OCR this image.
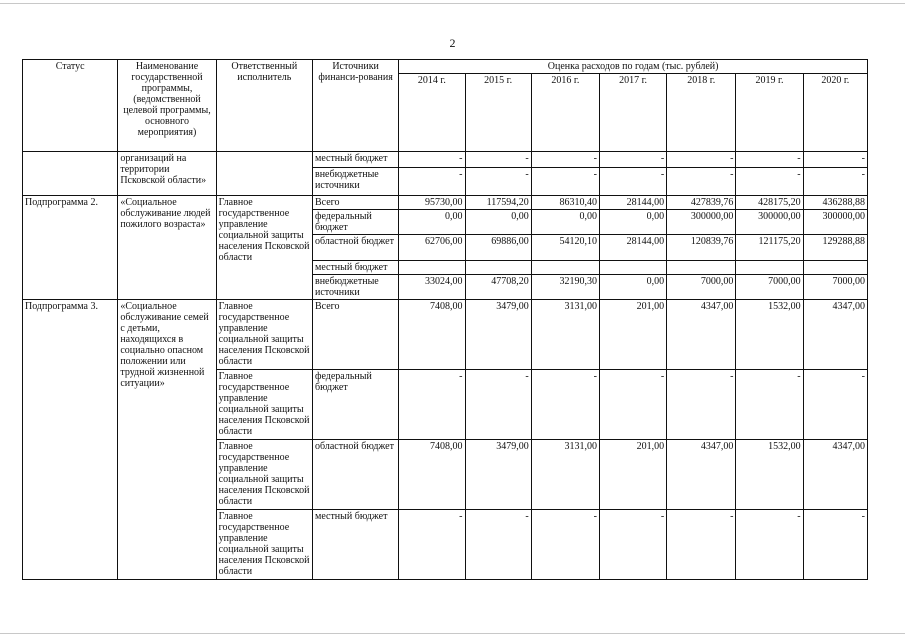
2
Статус	Наименование государственной программы, (ведомственной целевой программы, основного мероприятия)	Ответственный исполнитель	Источники финанси-рования	Оценка расходов по годам (тыс. рублей)						
				2014 г.	2015 г.	2016 г.	2017 г.	2018 г.	2019 г.	2020 г.
	организаций на территории Псковской области»		местный бюджет	-	-	-	-	-	-	-
			внебюджетные источники	-	-	-	-	-	-	-
Подпрограмма 2.	«Социальное обслуживание людей пожилого возраста»	Главное государственное управление социальной защиты населения Псковской области	Всего	95730,00	117594,20	86310,40	28144,00	427839,76	428175,20	436288,88
			федеральный бюджет	0,00	0,00	0,00	0,00	300000,00	300000,00	300000,00
			областной бюджет	62706,00	69886,00	54120,10	28144,00	120839,76	121175,20	129288,88
			местный бюджет							
			внебюджетные источники	33024,00	47708,20	32190,30	0,00	7000,00	7000,00	7000,00
Подпрограмма 3.	«Социальное обслуживание семей с детьми, находящихся в социально опасном положении или трудной жизненной ситуации»	Главное государственное управление социальной защиты населения Псковской области	Всего	7408,00	3479,00	3131,00	201,00	4347,00	1532,00	4347,00
		Главное государственное управление социальной защиты населения Псковской области	федеральный бюджет	-	-	-	-	-	-	-
		Главное государственное управление социальной защиты населения Псковской области	областной бюджет	7408,00	3479,00	3131,00	201,00	4347,00	1532,00	4347,00
		Главное государственное управление социальной защиты населения Псковской области	местный бюджет	-	-	-	-	-	-	-
